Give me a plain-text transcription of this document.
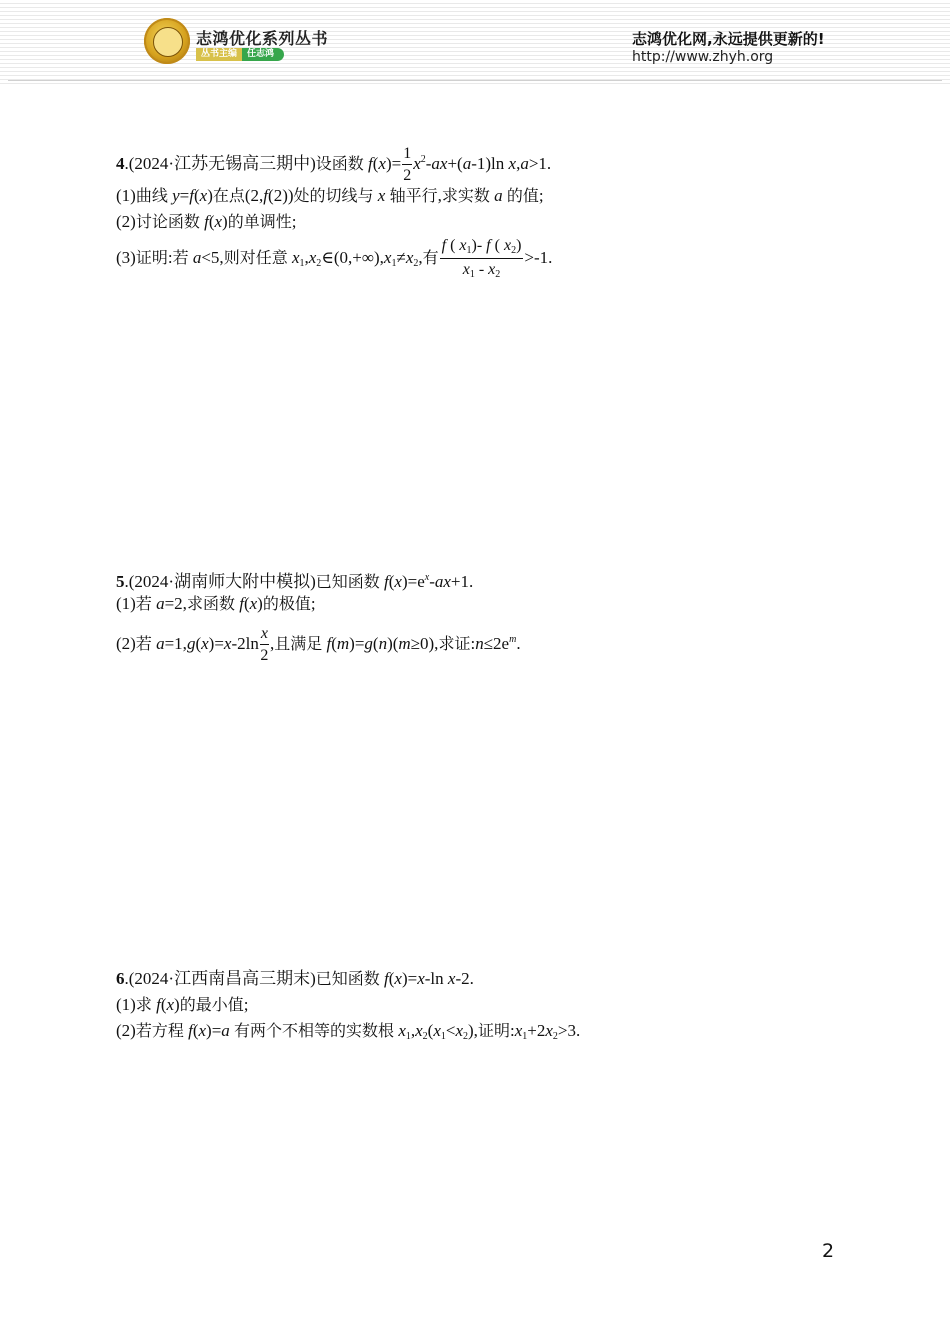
志鸿优化系列丛书
丛书主编	任志鸿
志鸿优化网,永远提供更新的!
http://www.zhyh.org
4.(2024·江苏无锡高三期中)设函数 $f(x)= \frac{1}{2} x^2-ax+(a-1)\ln$ x,a>1.
(1)曲线 y=f(x)在点(2,f(2))处的切线与 x 轴平行,求实数 a 的值;
(2)讨论函数 f(x)的单调性;
(3)证明:若 a<5,则对任意 $x_1,x_2\in(0,+\infty),x_1\ne x_2$,有 $\frac{f ( x_1)- f ( x_2)}{x_1 - x_2} >-1$.
5.(2024·湖南师大附中模拟)已知函数 $f(x)=e^x-ax+1$.
(1)若 a=2,求函数 f(x)的极值;
(2)若 $a=1,g(x)=x-2\ln \frac{x}{2}$ ,且满足 f(m)=g(n)(m≥0),求证$:n\le 2e^m$.
6.(2024·江西南昌高三期末)已知函数 f(x)=x-ln x-2.
(1)求 f(x)的最小值;
(2)若方程 f(x)=a 有两个不相等的实数根 $x_1,x_2(x_1<x_2)$,证明$:x_1+2x_2>3$.
2
